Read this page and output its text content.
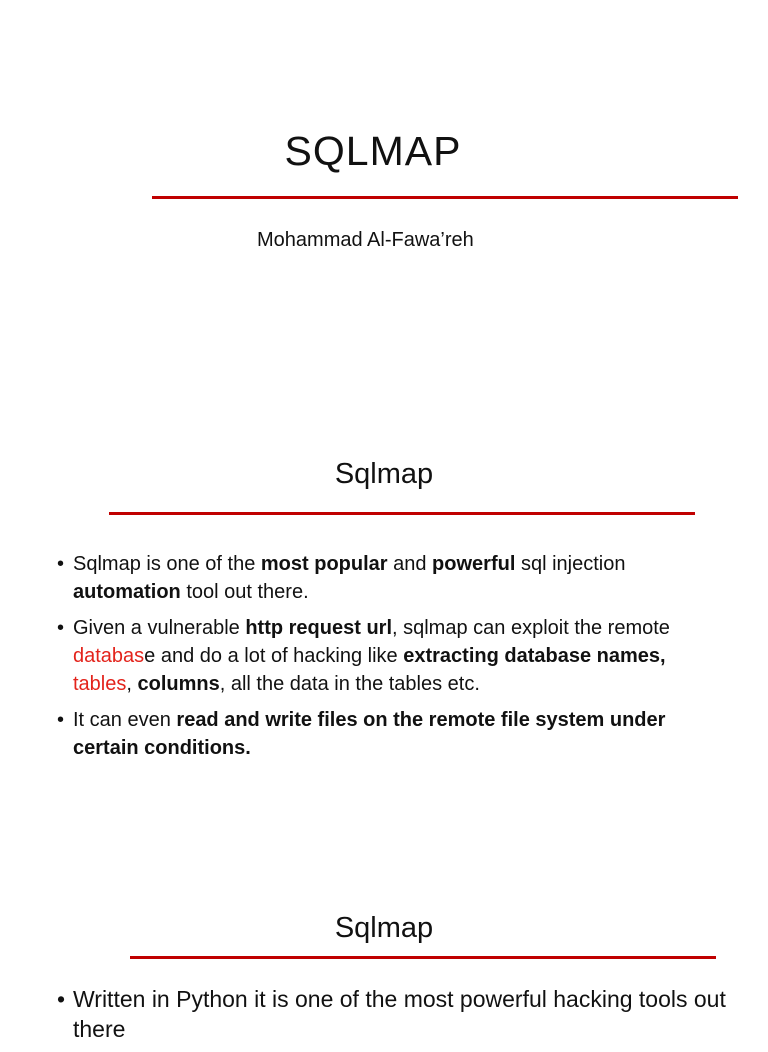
SQLMAP
Mohammad Al-Fawa’reh
Sqlmap
• Sqlmap is one of the most popular and powerful sql injection automation tool out there.
• Given a vulnerable http request url, sqlmap can exploit the remote database and do a lot of hacking like extracting database names, tables, columns, all the data in the tables etc.
• It can even read and write files on the remote file system under certain conditions.
Sqlmap
• Written in Python it is one of the most powerful hacking tools out there
